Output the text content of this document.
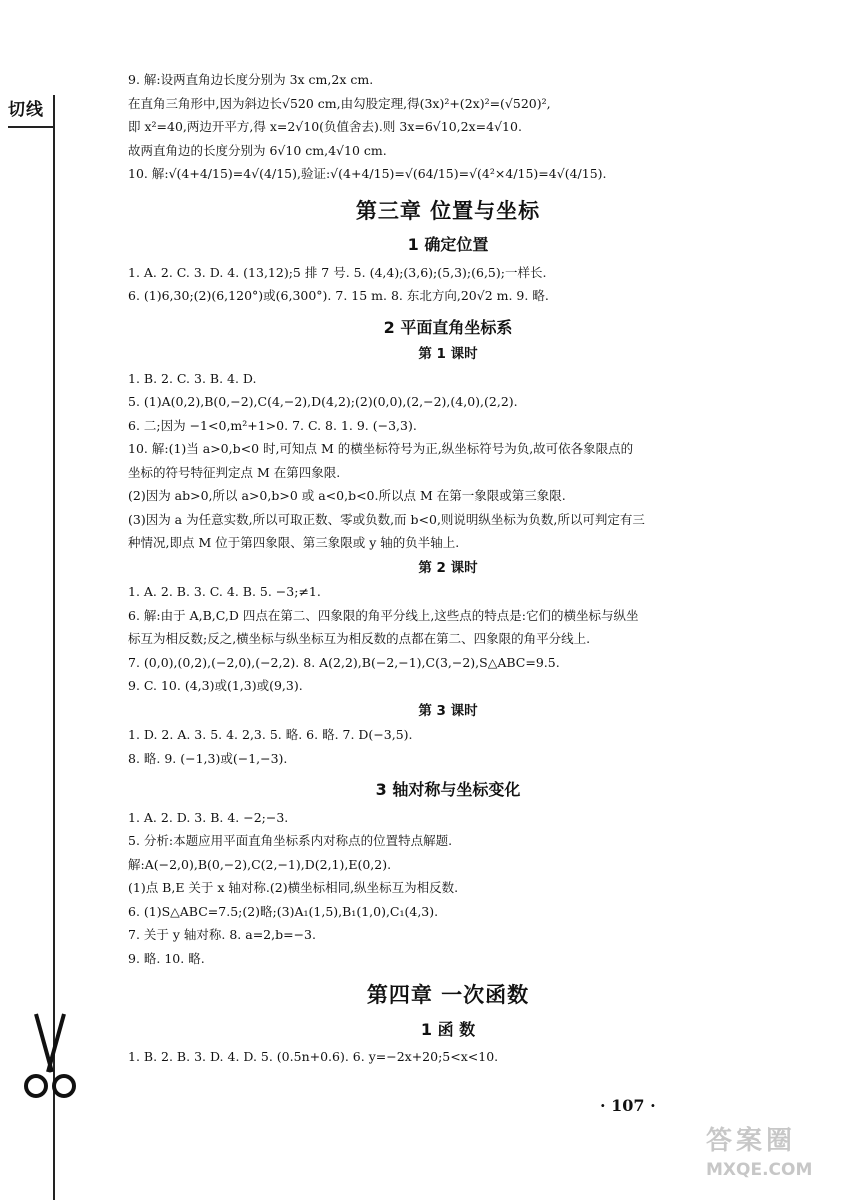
切线

9. 解:设两直角边长度分别为 3x cm,2x cm.

在直角三角形中,因为斜边长√520 cm,由勾股定理,得(3x)²+(2x)²=(√520)²,

即 x²=40,两边开平方,得 x=2√10(负值舍去).则 3x=6√10,2x=4√10.

故两直角边的长度分别为 6√10 cm,4√10 cm.

10. 解:√(4+4/15)=4√(4/15),验证:√(4+4/15)=√(64/15)=√(4²×4/15)=4√(4/15).

第三章 位置与坐标
1 确定位置

1. A. 2. C. 3. D. 4. (13,12);5 排 7 号. 5. (4,4);(3,6);(5,3);(6,5);一样长.

6. (1)6,30;(2)(6,120°)或(6,300°). 7. 15 m. 8. 东北方向,20√2 m. 9. 略.

2 平面直角坐标系
第 1 课时

1. B. 2. C. 3. B. 4. D.

5. (1)A(0,2),B(0,−2),C(4,−2),D(4,2);(2)(0,0),(2,−2),(4,0),(2,2).

6. 二;因为 −1<0,m²+1>0. 7. C. 8. 1. 9. (−3,3).

10. 解:(1)当 a>0,b<0 时,可知点 M 的横坐标符号为正,纵坐标符号为负,故可依各象限点的

坐标的符号特征判定点 M 在第四象限.

(2)因为 ab>0,所以 a>0,b>0 或 a<0,b<0.所以点 M 在第一象限或第三象限.

(3)因为 a 为任意实数,所以可取正数、零或负数,而 b<0,则说明纵坐标为负数,所以可判定有三

种情况,即点 M 位于第四象限、第三象限或 y 轴的负半轴上.

第 2 课时

1. A. 2. B. 3. C. 4. B. 5. −3;≠1.

6. 解:由于 A,B,C,D 四点在第二、四象限的角平分线上,这些点的特点是:它们的横坐标与纵坐

标互为相反数;反之,横坐标与纵坐标互为相反数的点都在第二、四象限的角平分线上.

7. (0,0),(0,2),(−2,0),(−2,2). 8. A(2,2),B(−2,−1),C(3,−2),S△ABC=9.5.

9. C. 10. (4,3)或(1,3)或(9,3).

第 3 课时

1. D. 2. A. 3. 5. 4. 2,3. 5. 略. 6. 略. 7. D(−3,5).

8. 略. 9. (−1,3)或(−1,−3).

3 轴对称与坐标变化

1. A. 2. D. 3. B. 4. −2;−3.

5. 分析:本题应用平面直角坐标系内对称点的位置特点解题.

解:A(−2,0),B(0,−2),C(2,−1),D(2,1),E(0,2).

(1)点 B,E 关于 x 轴对称.(2)横坐标相同,纵坐标互为相反数.

6. (1)S△ABC=7.5;(2)略;(3)A₁(1,5),B₁(1,0),C₁(4,3).

7. 关于 y 轴对称. 8. a=2,b=−3.

9. 略. 10. 略.

第四章 一次函数
1 函 数

1. B. 2. B. 3. D. 4. D. 5. (0.5n+0.6). 6. y=−2x+20;5<x<10.

· 107 ·
答案圈
MXQE.COM
